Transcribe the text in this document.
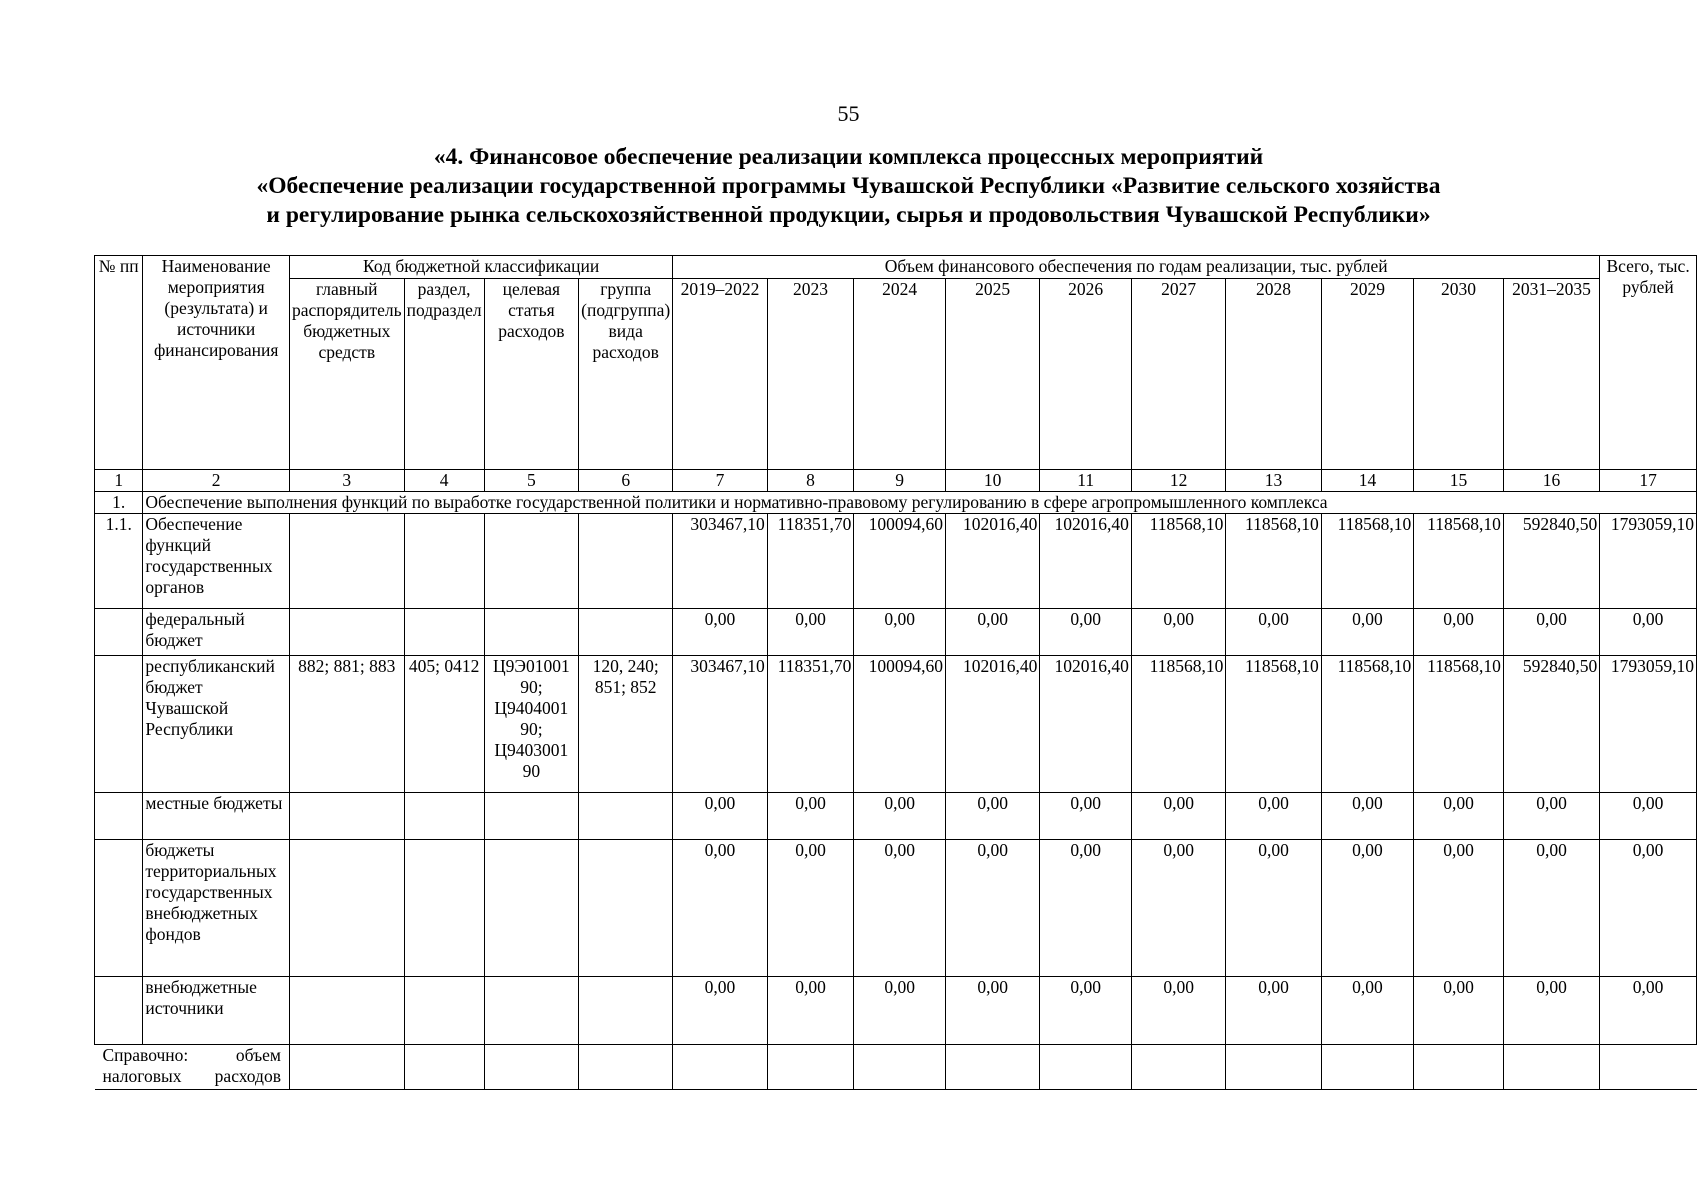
55
«4. Финансовое обеспечение реализации комплекса процессных мероприятий
«Обеспечение реализации государственной программы Чувашской Республики «Развитие сельского хозяйства
и регулирование рынка сельскохозяйственной продукции, сырья и продовольствия Чувашской Республики»
№ пп	Наименование мероприятия (результата) и источники финансирования	Код бюджетной классификации				Объем финансового обеспечения по годам реализации, тыс. рублей										Всего, тыс. рублей
		главный распорядитель бюджетных средств	раздел, подраздел	целевая статья расходов	группа (подгруппа) вида расходов	2019–2022	2023	2024	2025	2026	2027	2028	2029	2030	2031–2035	
1	2	3	4	5	6	7	8	9	10	11	12	13	14	15	16	17
1.	Обеспечение выполнения функций по выработке государственной политики и нормативно-правовому регулированию в сфере агропромышленного комплекса															
1.1.	Обеспечение функций государственных органов					303467,10	118351,70	100094,60	102016,40	102016,40	118568,10	118568,10	118568,10	118568,10	592840,50	1793059,10
	федеральный бюджет					0,00	0,00	0,00	0,00	0,00	0,00	0,00	0,00	0,00	0,00	0,00
	республиканский бюджет Чувашской Республики	882; 881; 883	405; 0412	Ц9Э01001 90; Ц9404001 90; Ц9403001 90	120, 240; 851; 852	303467,10	118351,70	100094,60	102016,40	102016,40	118568,10	118568,10	118568,10	118568,10	592840,50	1793059,10
	местные бюджеты					0,00	0,00	0,00	0,00	0,00	0,00	0,00	0,00	0,00	0,00	0,00
	бюджеты территориальных государственных внебюджетных фондов					0,00	0,00	0,00	0,00	0,00	0,00	0,00	0,00	0,00	0,00	0,00
	внебюджетные источники					0,00	0,00	0,00	0,00	0,00	0,00	0,00	0,00	0,00	0,00	0,00
Справочно: объем налоговых расходов																
